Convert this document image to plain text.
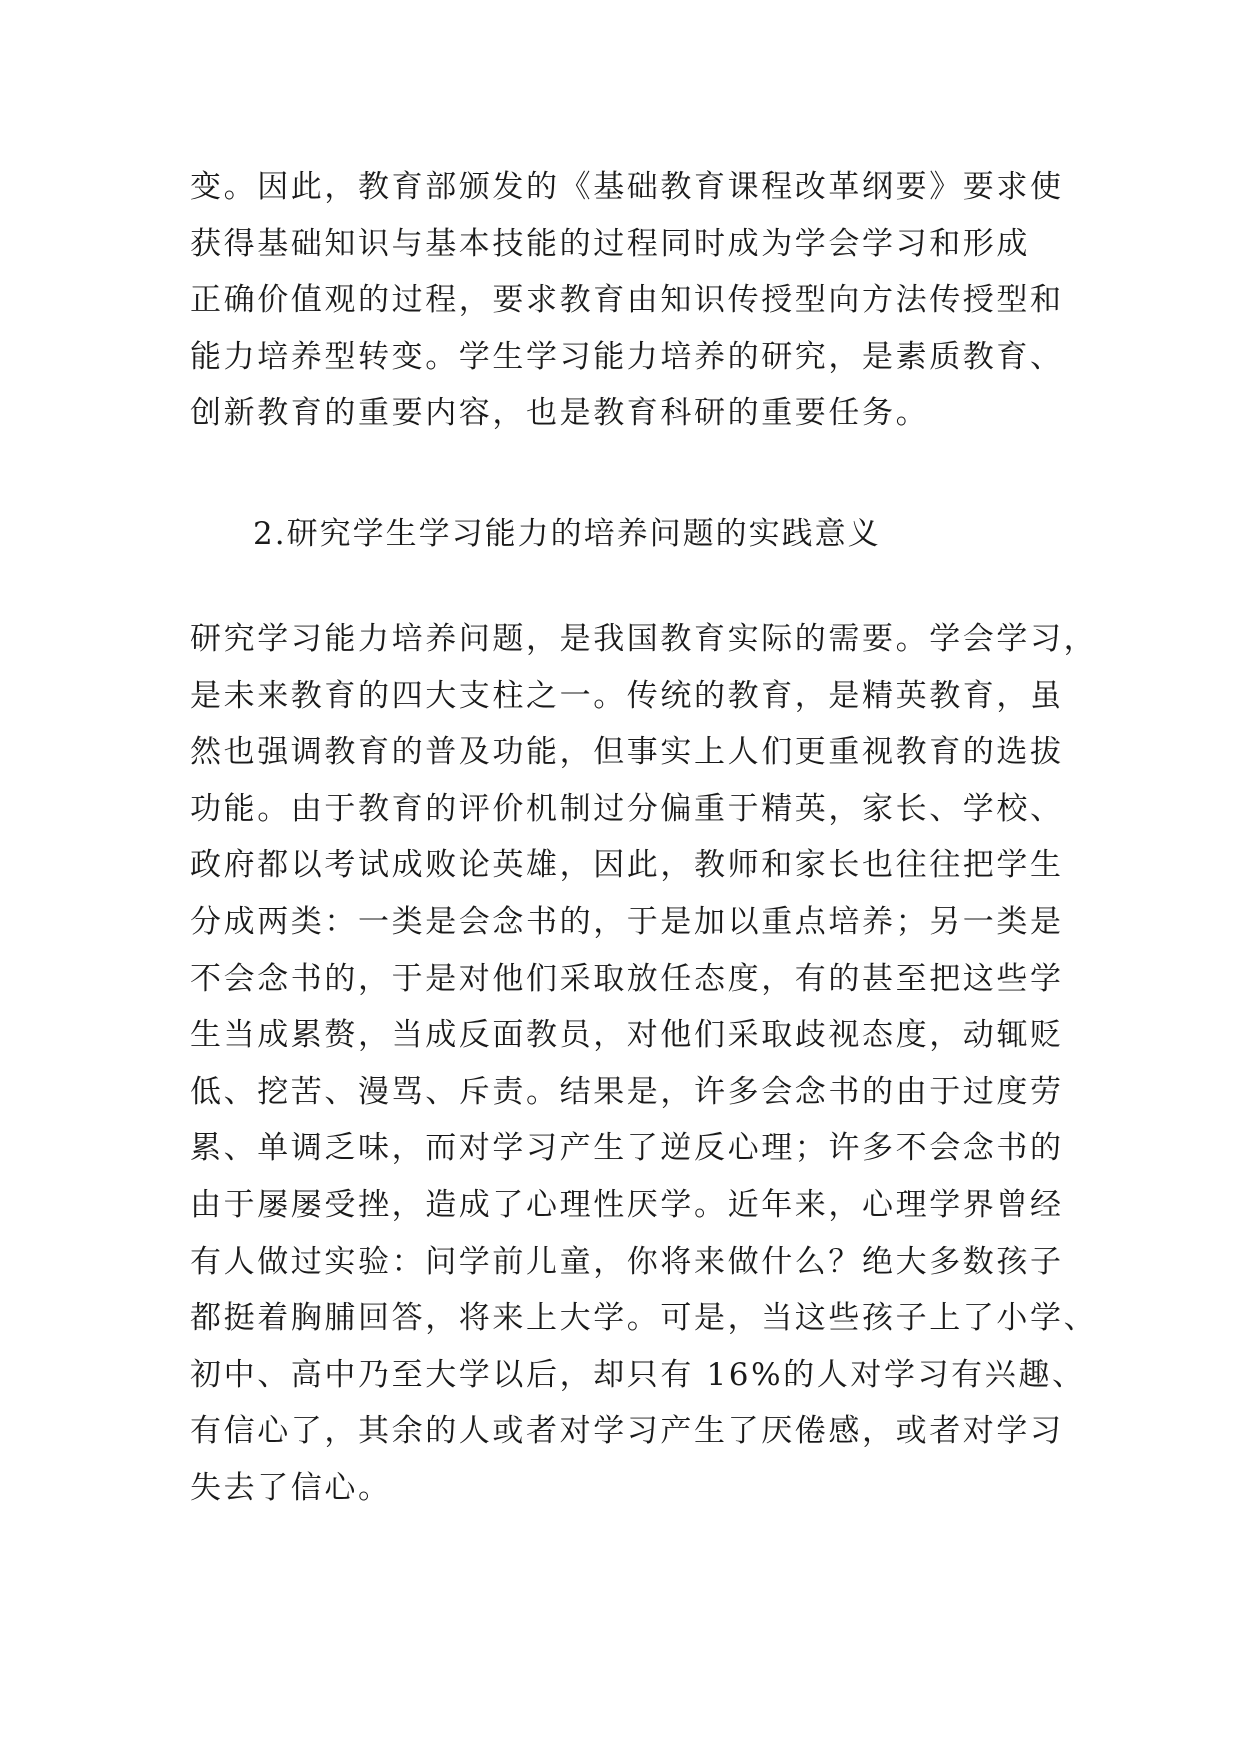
变。因此，教育部颁发的《基础教育课程改革纲要》要求使
获得基础知识与基本技能的过程同时成为学会学习和形成
正确价值观的过程，要求教育由知识传授型向方法传授型和
能力培养型转变。学生学习能力培养的研究，是素质教育、
创新教育的重要内容，也是教育科研的重要任务。
2.研究学生学习能力的培养问题的实践意义
研究学习能力培养问题，是我国教育实际的需要。学会学习，
是未来教育的四大支柱之一。传统的教育，是精英教育，虽
然也强调教育的普及功能，但事实上人们更重视教育的选拔
功能。由于教育的评价机制过分偏重于精英，家长、学校、
政府都以考试成败论英雄，因此，教师和家长也往往把学生
分成两类：一类是会念书的，于是加以重点培养；另一类是
不会念书的，于是对他们采取放任态度，有的甚至把这些学
生当成累赘，当成反面教员，对他们采取歧视态度，动辄贬
低、挖苦、漫骂、斥责。结果是，许多会念书的由于过度劳
累、单调乏味，而对学习产生了逆反心理；许多不会念书的
由于屡屡受挫，造成了心理性厌学。近年来，心理学界曾经
有人做过实验：问学前儿童，你将来做什么？绝大多数孩子
都挺着胸脯回答，将来上大学。可是，当这些孩子上了小学、
初中、高中乃至大学以后，却只有 16%的人对学习有兴趣、
有信心了，其余的人或者对学习产生了厌倦感，或者对学习
失去了信心。
